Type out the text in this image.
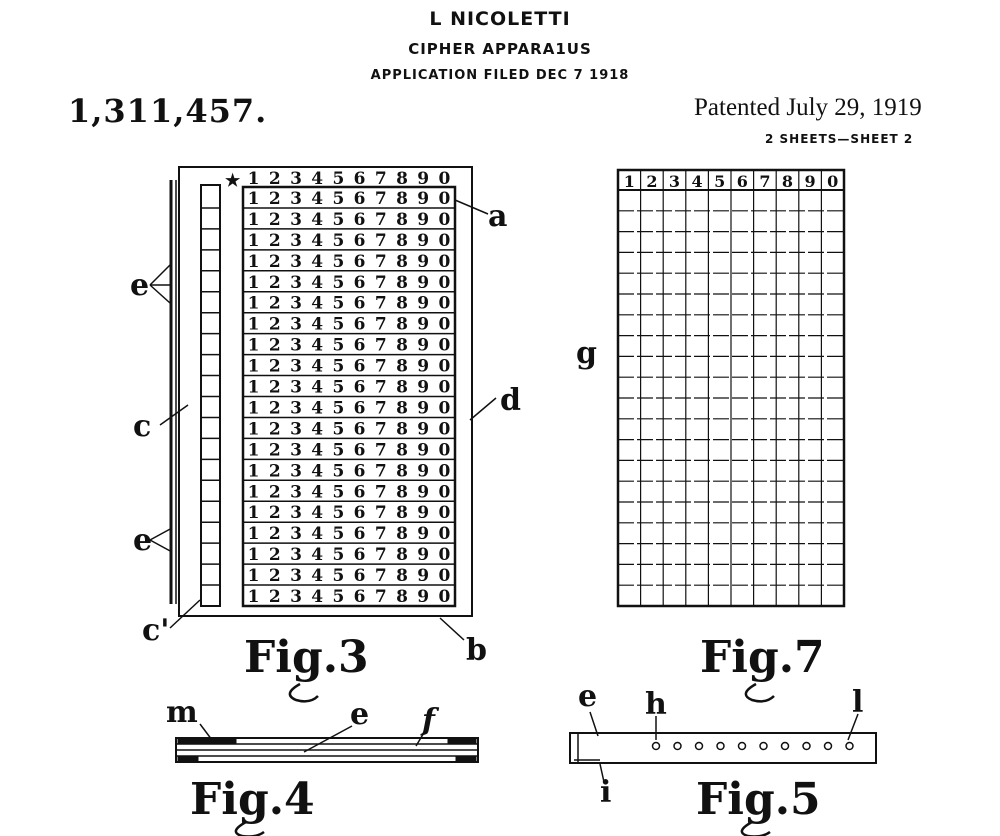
L NICOLETTI
CIPHER APPARA1US
APPLICATION FILED DEC 7 1918
1,311,457.	Patented July 29, 1919
2 SHEETS—SHEET 2
1 2 3 4 5 6 7 8 9 0
1 2 3 4 5 6 7 8 9 0
1 2 3 4 5 6 7 8 9 0
1 2 3 4 5 6 7 8 9 0
1 2 3 4 5 6 7 8 9 0
1 2 3 4 5 6 7 8 9 0
1 2 3 4 5 6 7 8 9 0
1 2 3 4 5 6 7 8 9 0
1 2 3 4 5 6 7 8 9 0
1 2 3 4 5 6 7 8 9 0
1 2 3 4 5 6 7 8 9 0
1 2 3 4 5 6 7 8 9 0
1 2 3 4 5 6 7 8 9 0
1 2 3 4 5 6 7 8 9 0
1 2 3 4 5 6 7 8 9 0
1 2 3 4 5 6 7 8 9 0
1 2 3 4 5 6 7 8 9 0
1 2 3 4 5 6 7 8 9 0
1 2 3 4 5 6 7 8 9 0
1 2 3 4 5 6 7 8 9 0
★ 1 2 3 4 5 6 7 8 9 0
a
e
c
d
e
c'
b
Fig.3
1 2 3 4 5 6 7 8 9 0
g
Fig.7
m	e f
Fig.4
e h	l
i Fig.5
